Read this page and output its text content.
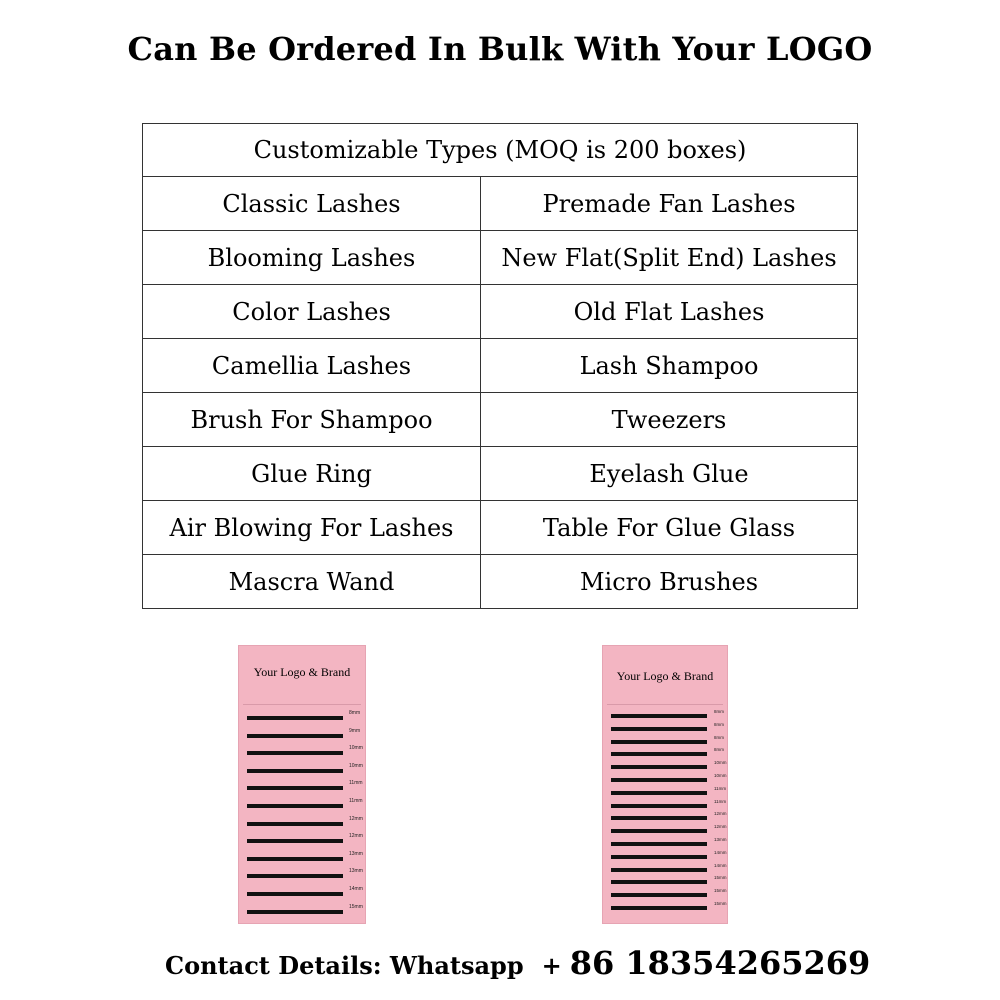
Can Be Ordered In Bulk With Your LOGO
Customizable Types (MOQ is 200 boxes)	
Classic Lashes	Premade Fan Lashes
Blooming Lashes	New Flat(Split End) Lashes
Color Lashes	Old Flat Lashes
Camellia Lashes	Lash Shampoo
Brush For Shampoo	Tweezers
Glue Ring	Eyelash Glue
Air Blowing For Lashes	Table For Glue Glass
Mascra Wand	Micro Brushes
Your Logo & Brand
8mm
9mm
10mm
10mm
11mm
11mm
12mm
12mm
13mm
13mm
14mm
15mm
Your Logo & Brand
8mm
8mm
8mm
8mm
10mm
10mm
11mm
11mm
12mm
12mm
13mm
14mm
14mm
15mm
15mm
15mm
Contact Details: Whatsapp + 86 18354265269
